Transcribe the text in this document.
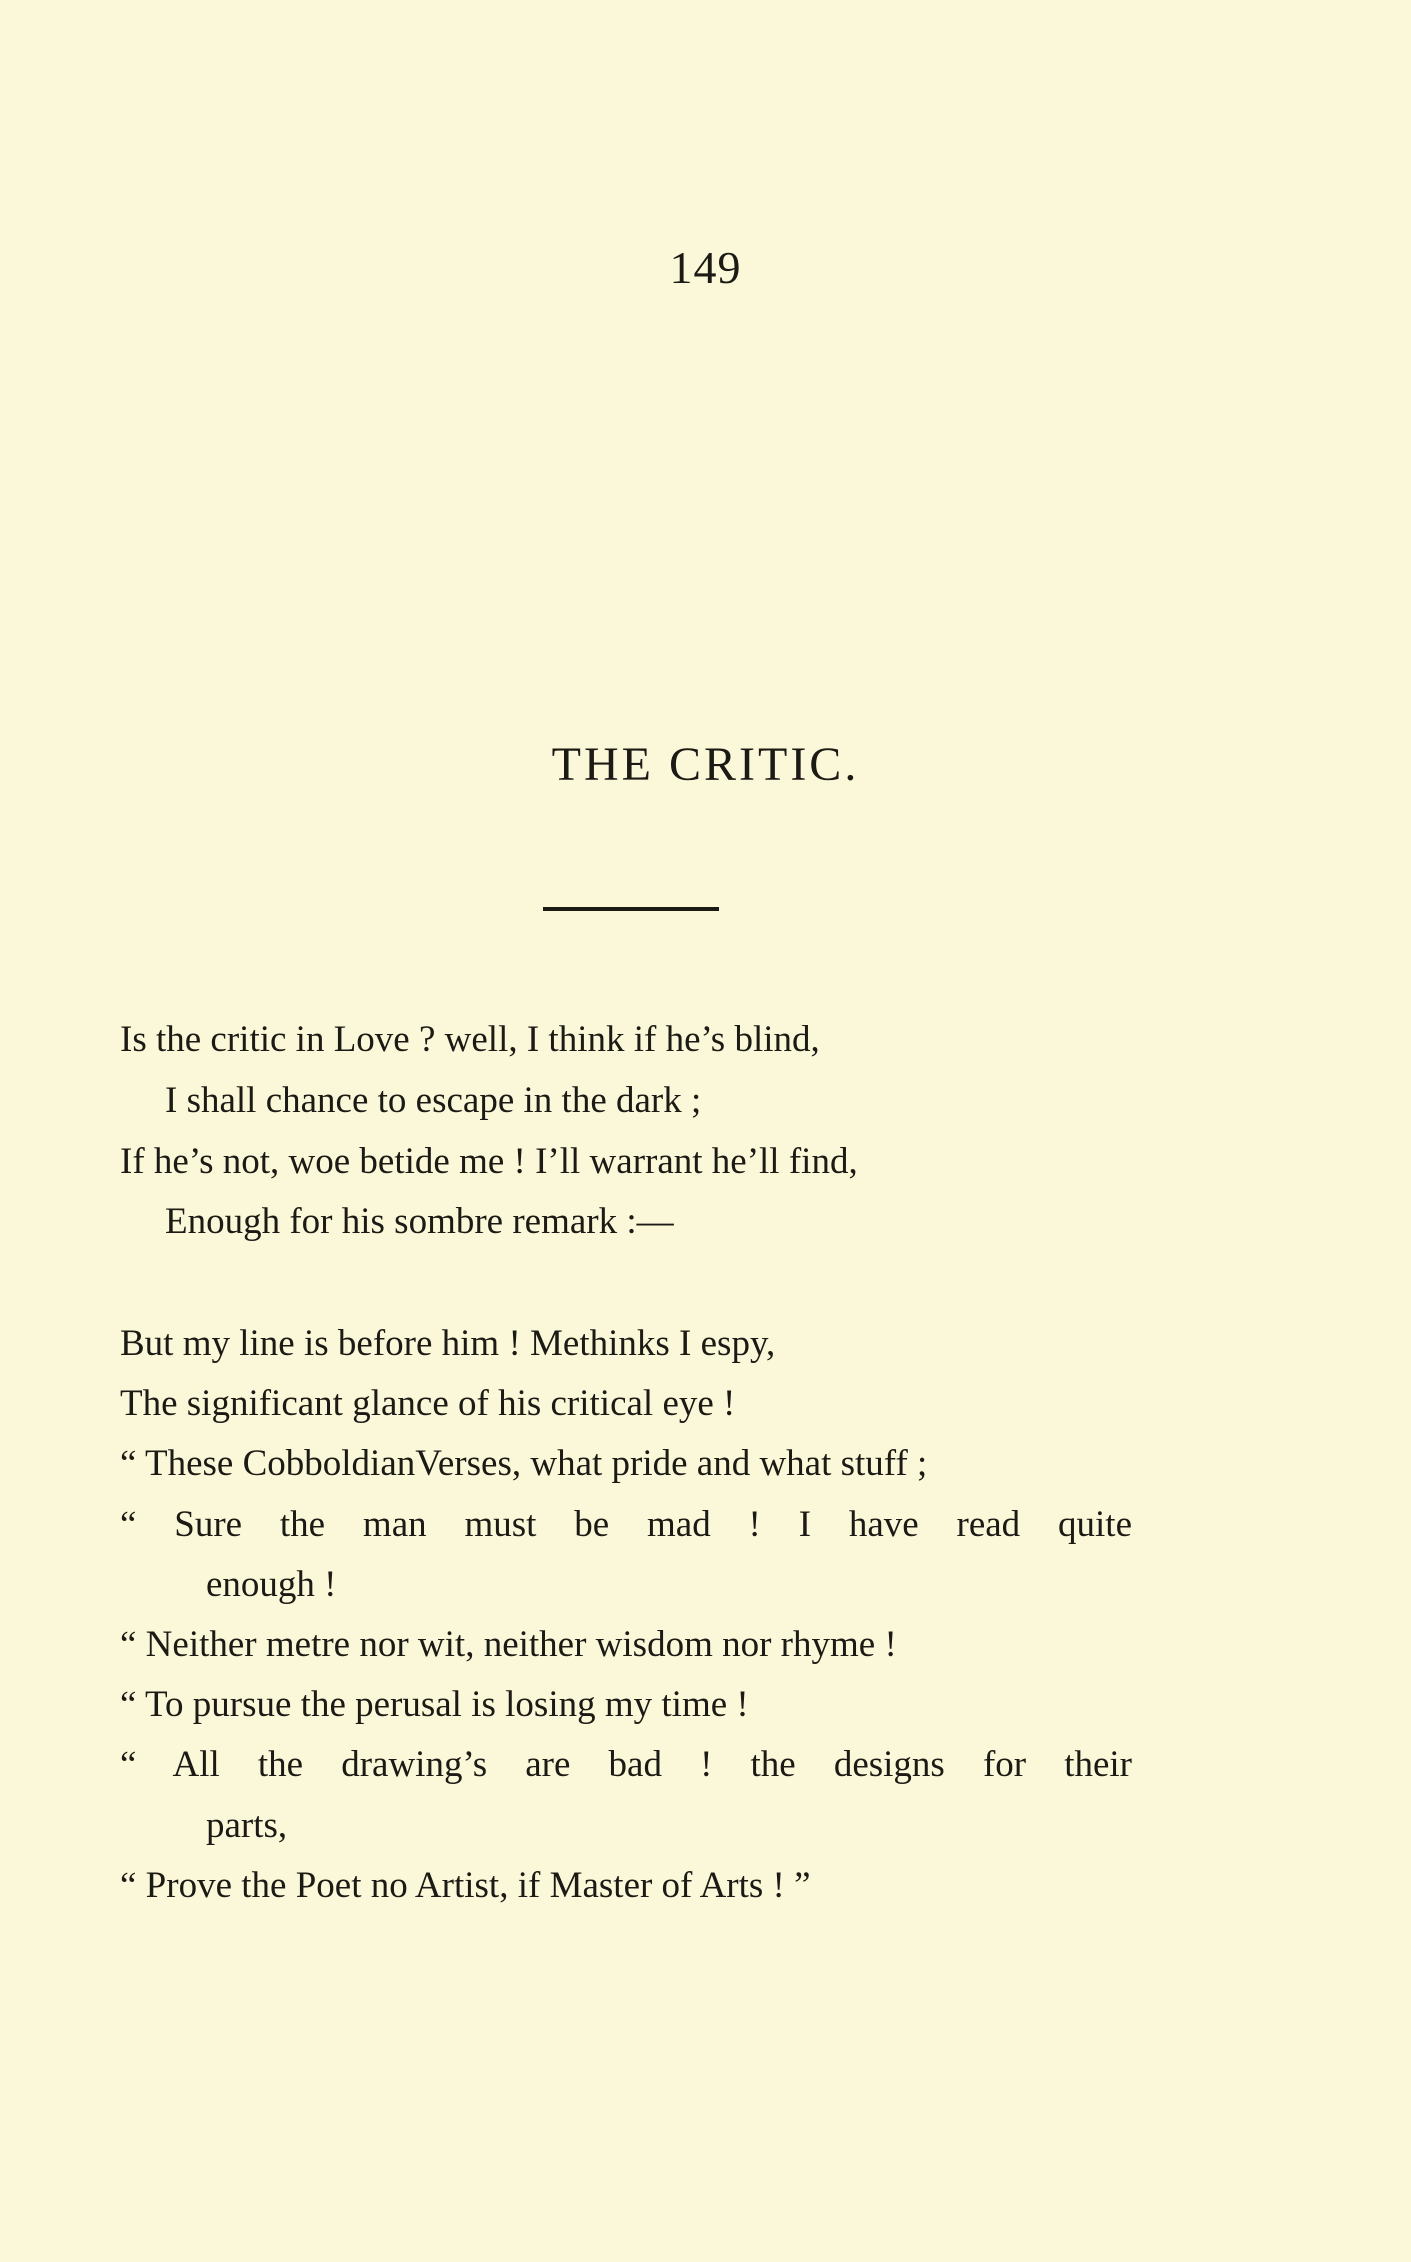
149
THE CRITIC.
Is the critic in Love ? well, I think if he’s blind,
I shall chance to escape in the dark ;
If he’s not, woe betide me ! I’ll warrant he’ll find,
Enough for his sombre remark :—
But my line is before him ! Methinks I espy,
The significant glance of his critical eye !
“ These CobboldianVerses, what pride and what stuff ;
“ Sure the man must be mad ! I have read quite
enough !
“ Neither metre nor wit, neither wisdom nor rhyme !
“ To pursue the perusal is losing my time !
“ All the drawing’s are bad ! the designs for their
parts,
“ Prove the Poet no Artist, if Master of Arts ! ”
